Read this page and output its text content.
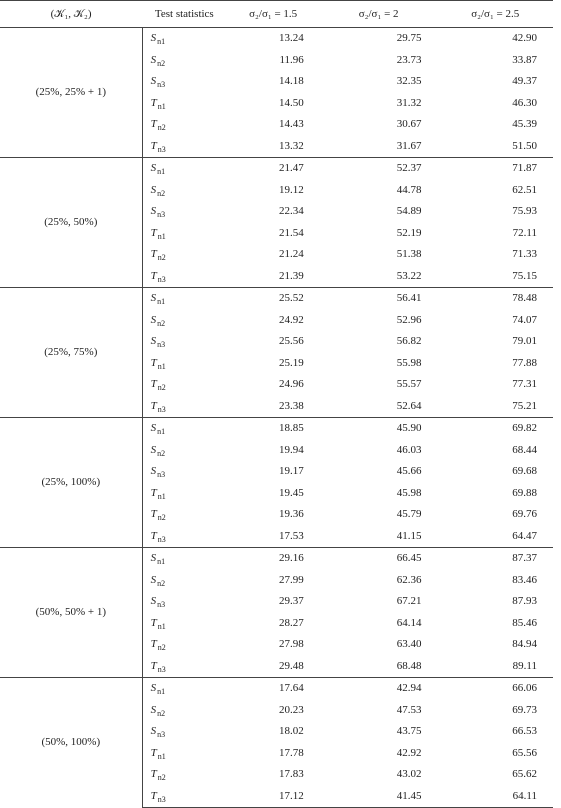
(𝒦₁, 𝒦₂)	Test statistics	σ₂/σ₁ = 1.5	σ₂/σ₁ = 2	σ₂/σ₁ = 2.5
(25%, 25% + 1)	$S_{n1}$	13.24	29.75	42.90
	$S_{n2}$	11.96	23.73	33.87
	$S_{n3}$	14.18	32.35	49.37
	$T_{n1}$	14.50	31.32	46.30
	$T_{n2}$	14.43	30.67	45.39
	$T_{n3}$	13.32	31.67	51.50
(25%, 50%)	$S_{n1}$	21.47	52.37	71.87
	$S_{n2}$	19.12	44.78	62.51
	$S_{n3}$	22.34	54.89	75.93
	$T_{n1}$	21.54	52.19	72.11
	$T_{n2}$	21.24	51.38	71.33
	$T_{n3}$	21.39	53.22	75.15
(25%, 75%)	$S_{n1}$	25.52	56.41	78.48
	$S_{n2}$	24.92	52.96	74.07
	$S_{n3}$	25.56	56.82	79.01
	$T_{n1}$	25.19	55.98	77.88
	$T_{n2}$	24.96	55.57	77.31
	$T_{n3}$	23.38	52.64	75.21
(25%, 100%)	$S_{n1}$	18.85	45.90	69.82
	$S_{n2}$	19.94	46.03	68.44
	$S_{n3}$	19.17	45.66	69.68
	$T_{n1}$	19.45	45.98	69.88
	$T_{n2}$	19.36	45.79	69.76
	$T_{n3}$	17.53	41.15	64.47
(50%, 50% + 1)	$S_{n1}$	29.16	66.45	87.37
	$S_{n2}$	27.99	62.36	83.46
	$S_{n3}$	29.37	67.21	87.93
	$T_{n1}$	28.27	64.14	85.46
	$T_{n2}$	27.98	63.40	84.94
	$T_{n3}$	29.48	68.48	89.11
(50%, 100%)	$S_{n1}$	17.64	42.94	66.06
	$S_{n2}$	20.23	47.53	69.73
	$S_{n3}$	18.02	43.75	66.53
	$T_{n1}$	17.78	42.92	65.56
	$T_{n2}$	17.83	43.02	65.62
	$T_{n3}$	17.12	41.45	64.11
